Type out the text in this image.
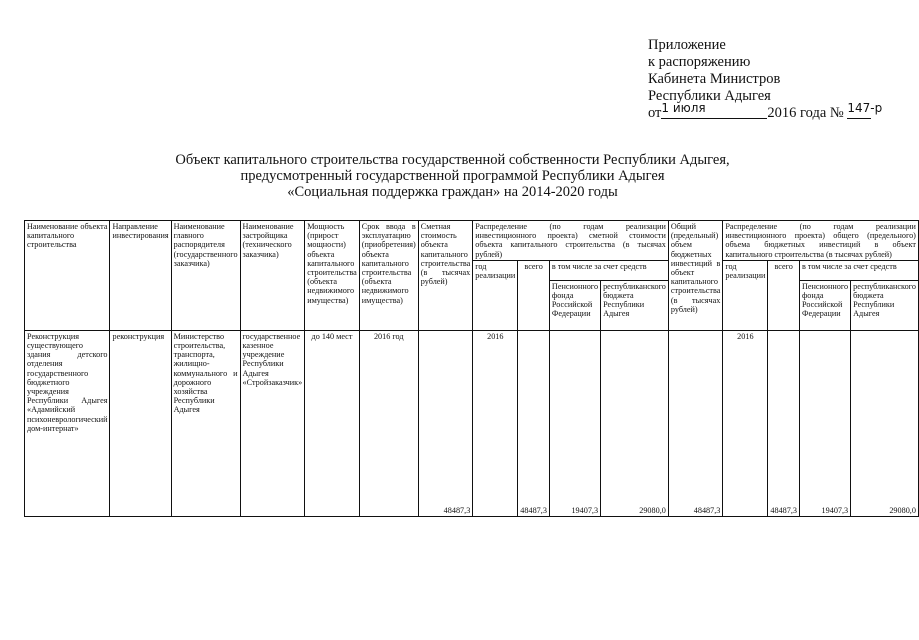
Приложение
к распоряжению
Кабинета Министров
Республики Адыгея
$от^{1 июля}$	2016 года № $^{147-р}$
Объект капитального строительства государственной собственности Республики Адыгея,
предусмотренный государственной программой Республики Адыгея
«Социальная поддержка граждан» на 2014-2020 годы
Наименование объекта капитального строительства	Направление инвестирования	Наименование главного распорядителя (государственного заказчика)	Наименование застройщика (технического заказчика)	Мощность (прирост мощности) объекта капитального строительства (объекта недвижимого имущества)	Срок ввода в эксплуатацию (приобретения) объекта капитального строительства (объекта недвижимого имущества)	Сметная стоимость объекта капитального строительства (в тысячах рублей)	Распределение (по годам реализации инвестиционного проекта) сметной стоимости объекта капитального строительства (в тысячах рублей)				Общий (предельный) объем бюджетных инвестиций в объект капитального строительства (в тысячах рублей)	Распределение (по годам реализации инвестиционного проекта) общего (предельного) объема бюджетных инвестиций в объект капитального строительства (в тысячах рублей)			
							год реализации	всего	в том числе за счет средств			год реализации	всего	в том числе за счет средств	
									Пенсионного фонда Российской Федерации	республиканского бюджета Республики Адыгея				Пенсионного фонда Российской Федерации	республиканского бюджета Республики Адыгея
Реконструкция существующего здания детского отделения государственного бюджетного учреждения Республики Адыгея «Адамийский психоневрологический дом-интернат»	реконструкция	Министерство строительства, транспорта, жилищно-коммунального и дорожного хозяйства Республики Адыгея	государственное казенное учреждение Республики Адыгея «Стройзаказчик»	до 140 мест	2016 год	48487,3	2016	48487,3	19407,3	29080,0	48487,3	2016	48487,3	19407,3	29080,0
